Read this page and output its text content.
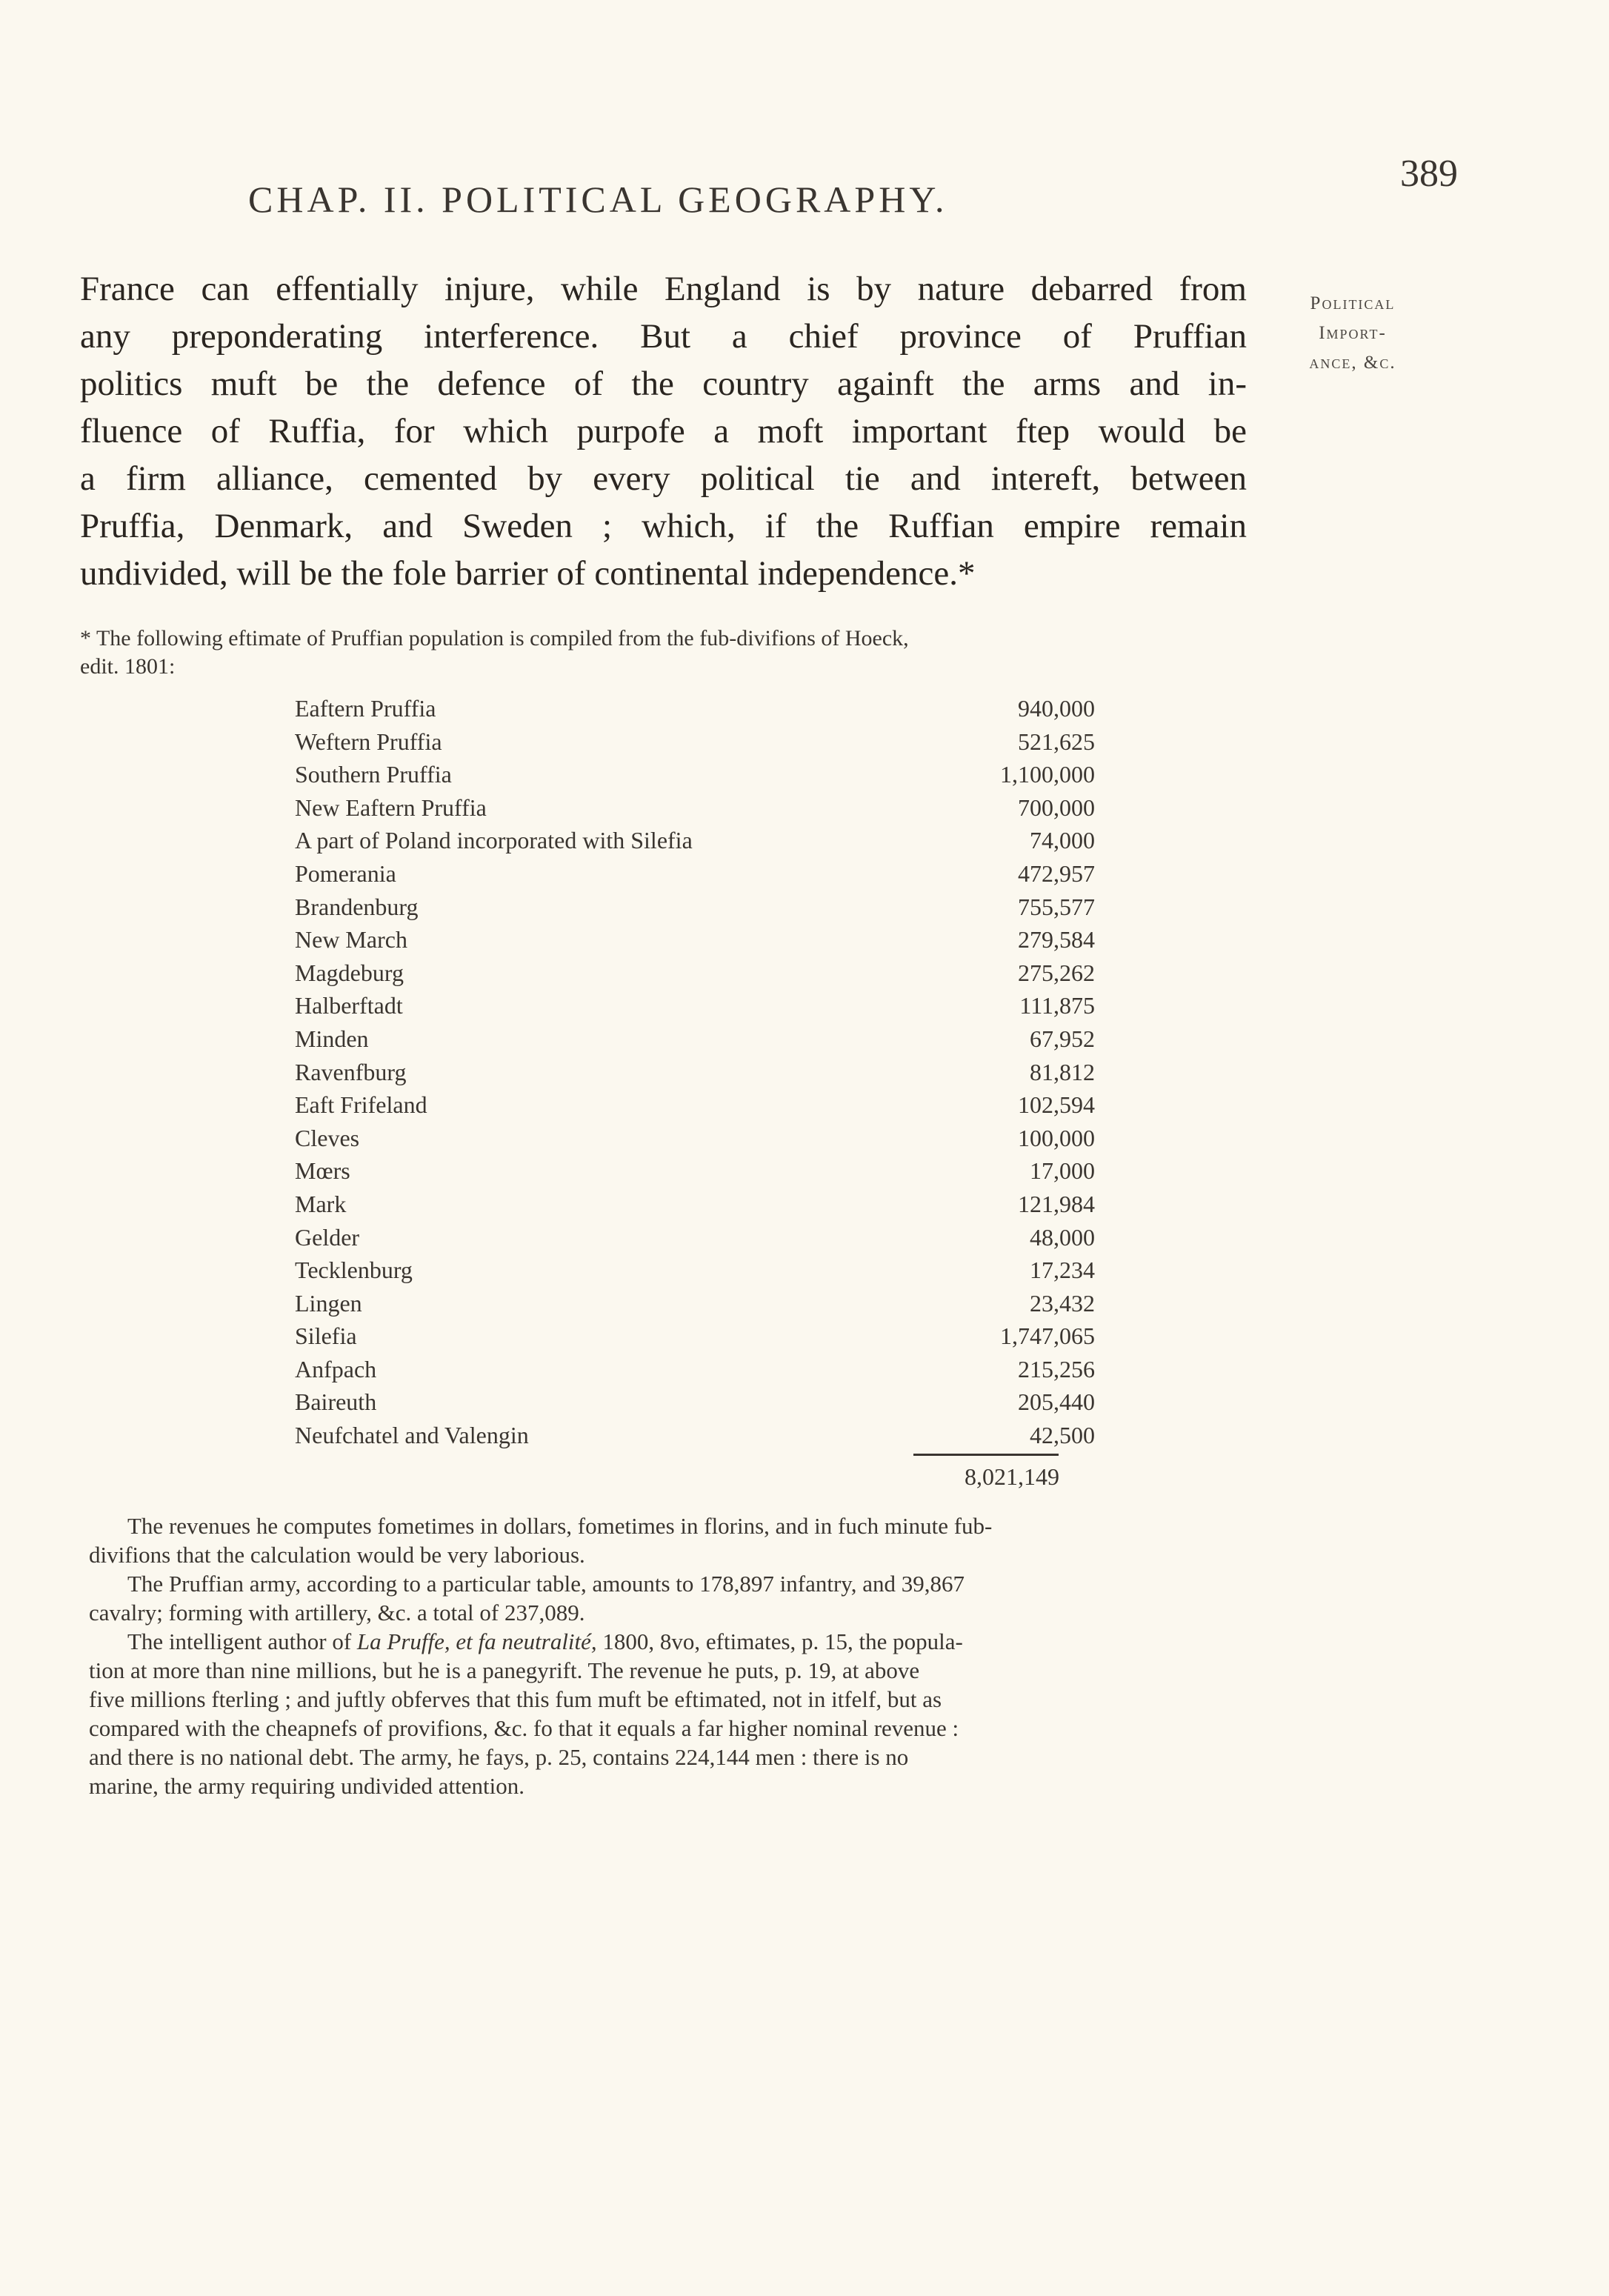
CHAP. II. POLITICAL GEOGRAPHY.
389
Political
Import-
ance, &c.
France can effentially injure, while England is by nature debarred from
any preponderating interference. But a chief province of Pruffian
politics muft be the defence of the country againft the arms and in-
fluence of Ruffia, for which purpofe a moft important ftep would be
a firm alliance, cemented by every political tie and intereft, between
Pruffia, Denmark, and Sweden ; which, if the Ruffian empire remain
undivided, will be the fole barrier of continental independence.*
* The following eftimate of Pruffian population is compiled from the fub-divifions of Hoeck,
edit. 1801:
Eaftern Pruffia	940,000
Weftern Pruffia	521,625
Southern Pruffia	1,100,000
New Eaftern Pruffia	700,000
A part of Poland incorporated with Silefia	74,000
Pomerania	472,957
Brandenburg	755,577
New March	279,584
Magdeburg	275,262
Halberftadt	111,875
Minden	67,952
Ravenfburg	81,812
Eaft Frifeland	102,594
Cleves	100,000
Mœrs	17,000
Mark	121,984
Gelder	48,000
Tecklenburg	17,234
Lingen	23,432
Silefia	1,747,065
Anfpach	215,256
Baireuth	205,440
Neufchatel and Valengin	42,500
8,021,149
The revenues he computes fometimes in dollars, fometimes in florins, and in fuch minute fub-
divifions that the calculation would be very laborious.
The Pruffian army, according to a particular table, amounts to 178,897 infantry, and 39,867
cavalry; forming with artillery, &c. a total of 237,089.
The intelligent author of La Pruffe, et fa neutralité, 1800, 8vo, eftimates, p. 15, the popula-
tion at more than nine millions, but he is a panegyrift. The revenue he puts, p. 19, at above
five millions fterling ; and juftly obferves that this fum muft be eftimated, not in itfelf, but as
compared with the cheapnefs of provifions, &c. fo that it equals a far higher nominal revenue :
and there is no national debt. The army, he fays, p. 25, contains 224,144 men : there is no
marine, the army requiring undivided attention.
